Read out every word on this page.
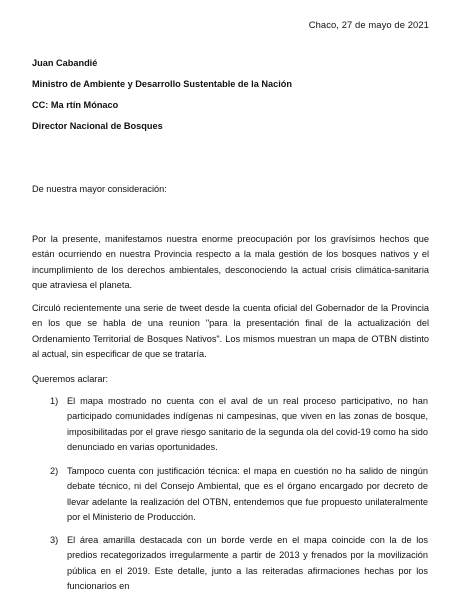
Chaco, 27 de mayo de 2021
Juan Cabandié
Ministro de Ambiente y Desarrollo Sustentable de la Nación
CC: Ma rtín Mónaco
Director Nacional de Bosques
De nuestra mayor consideración:

Por la presente, manifestamos nuestra enorme preocupación por los gravísimos hechos que están ocurriendo en nuestra Provincia respecto a la mala gestión de los bosques nativos y el incumplimiento de los derechos ambientales, desconociendo la actual crisis climática-sanitaria que atraviesa el planeta.

Circuló recientemente una serie de tweet desde la cuenta oficial del Gobernador de la Provincia en los que se habla de una reunion "para la presentación final de la actualización del Ordenamiento Territorial de Bosques Nativos". Los mismos muestran un mapa de OTBN distinto al actual, sin especificar de que se trataría.

Queremos aclarar:
1) El mapa mostrado no cuenta con el aval de un real proceso participativo, no han participado comunidades indígenas ni campesinas, que viven en las zonas de bosque, imposibilitadas por el grave riesgo sanitario de la segunda ola del covid-19 como ha sido denunciado en varias oportunidades.

2) Tampoco cuenta con justificación técnica: el mapa en cuestión no ha salido de ningún debate técnico, ni del Consejo Ambiental, que es el órgano encargado por decreto de llevar adelante la realización del OTBN, entendemos que fue propuesto unilateralmente por el Ministerio de Producción.

3) El área amarilla destacada con un borde verde en el mapa coincide con la de los predios recategorizados irregularmente a partir de 2013 y frenados por la movilización pública en el 2019. Este detalle, junto a las reiteradas afirmaciones hechas por los funcionarios en
